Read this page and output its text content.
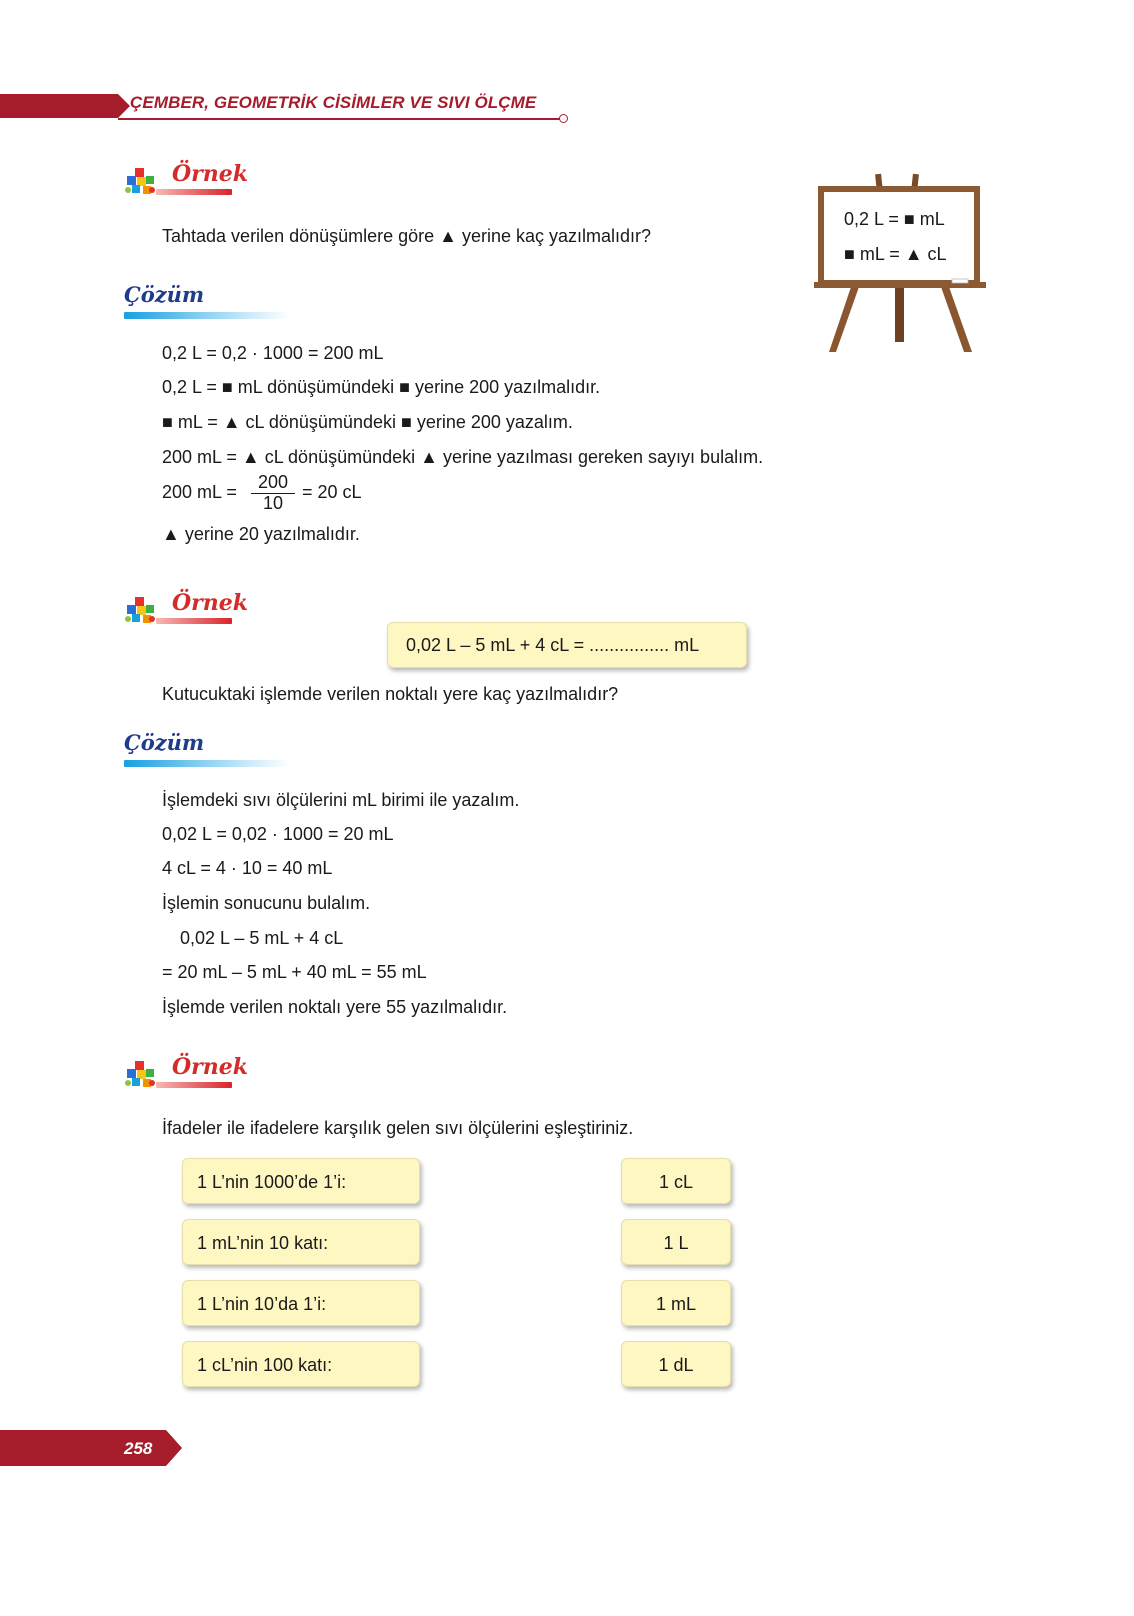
ÇEMBER, GEOMETRİK CİSİMLER VE SIVI ÖLÇME
Örnek
Tahtada verilen dönüşümlere göre ▲ yerine kaç yazılmalıdır?
0,2 L = ■ mL
■ mL = ▲ cL
Çözüm
0,2 L = 0,2 · 1000 = 200 mL
0,2 L = ■ mL dönüşümündeki ■ yerine 200 yazılmalıdır.
■ mL = ▲ cL dönüşümündeki ■ yerine 200 yazalım.
200 mL = ▲ cL dönüşümündeki ▲ yerine yazılması gereken sayıyı bulalım.
200 mL =	200
10
= 20 cL
▲ yerine 20 yazılmalıdır.
Örnek
0,02 L – 5 mL + 4 cL = ................ mL
Kutucuktaki işlemde verilen noktalı yere kaç yazılmalıdır?
Çözüm
İşlemdeki sıvı ölçülerini mL birimi ile yazalım.
0,02 L = 0,02 · 1000 = 20 mL
4 cL = 4 · 10 = 40 mL
İşlemin sonucunu bulalım.
0,02 L – 5 mL + 4 cL
= 20 mL – 5 mL + 40 mL = 55 mL
İşlemde verilen noktalı yere 55 yazılmalıdır.
Örnek
İfadeler ile ifadelere karşılık gelen sıvı ölçülerini eşleştiriniz.
1 L’nin 1000’de 1’i:
1 mL’nin 10 katı:
1 L’nin 10’da 1’i:
1 cL’nin 100 katı:
1 cL
1 L
1 mL
1 dL
258
